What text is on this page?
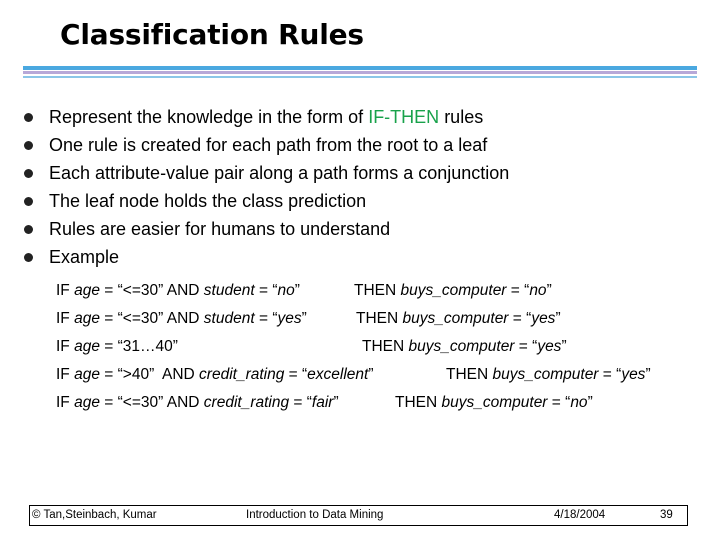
Classification Rules
Represent the knowledge in the form of IF-THEN rules
One rule is created for each path from the root to a leaf
Each attribute-value pair along a path forms a conjunction
The leaf node holds the class prediction
Rules are easier for humans to understand
Example
IF age = “<=30” AND student = “no”	THEN buys_computer = “no”
IF age = “<=30” AND student = “yes”	THEN buys_computer = “yes”
IF age = “31…40”	THEN buys_computer = “yes”
IF age = “>40”  AND credit_rating = “excellent”	THEN buys_computer = “yes”
IF age = “<=30” AND credit_rating = “fair”	THEN buys_computer = “no”
© Tan,Steinbach, Kumar	Introduction to Data Mining	4/18/2004	39
